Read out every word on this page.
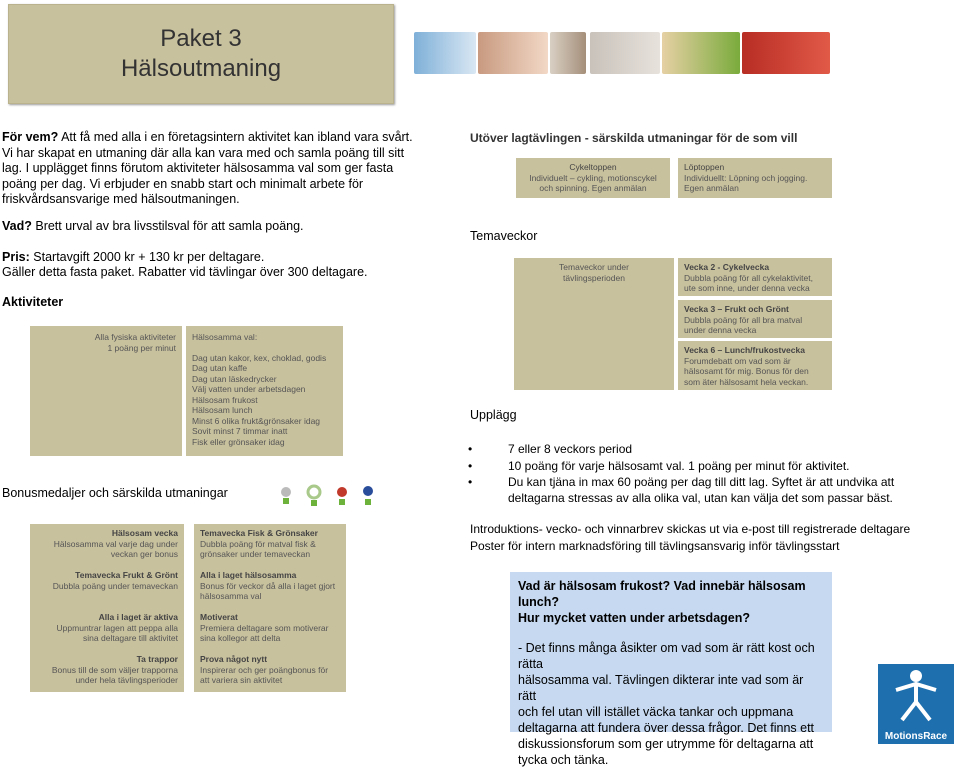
Paket 3
Hälsoutmaning
För vem? Att få med alla i en företagsintern aktivitet kan ibland vara svårt.
Vi har skapat en utmaning där alla kan vara med och samla poäng till sitt
lag. I upplägget finns förutom aktiviteter hälsosamma val som ger fasta
poäng per dag. Vi erbjuder en snabb start och minimalt arbete för
friskvårdsansvarige med hälsoutmaningen.
Vad? Brett urval av bra livsstilsval för att samla poäng.
Pris: Startavgift 2000 kr + 130 kr per deltagare.
Gäller detta fasta paket. Rabatter vid tävlingar över 300 deltagare.
Aktiviteter
Alla fysiska aktiviteter
1 poäng per minut
Hälsosamma val:
Dag utan kakor, kex, choklad, godis
Dag utan kaffe
Dag utan läskedrycker
Välj vatten under arbetsdagen
Hälsosam frukost
Hälsosam lunch
Minst 6 olika frukt&grönsaker idag
Sovit minst 7 timmar inatt
Fisk eller grönsaker idag
Bonusmedaljer och särskilda utmaningar
Hälsosam vecka
Hälsosamma val varje dag under
veckan ger bonus
Temavecka Frukt & Grönt
Dubbla poäng under temaveckan
Alla i laget är aktiva
Uppmuntrar lagen att peppa alla
sina deltagare till aktivitet
Ta trappor
Bonus till de som väljer trapporna
under hela tävlingsperioder
Temavecka Fisk & Grönsaker
Dubbla poäng för matval fisk &
grönsaker under temaveckan
Alla i laget hälsosamma
Bonus för veckor då alla i laget gjort
hälsosamma val
Motiverat
Premiera deltagare som motiverar
sina kollegor att delta
Prova något nytt
Inspirerar och ger poängbonus för
att variera sin aktivitet
Utöver lagtävlingen - särskilda utmaningar för de som vill
Cykeltoppen
Individuelt – cykling, motionscykel
och spinning. Egen anmälan
Löptoppen
Individuellt: Löpning och jogging.
Egen anmälan
Temaveckor
Temaveckor under
tävlingsperioden
Vecka 2 - Cykelvecka
Dubbla poäng för all cykelaktivitet,
ute som inne, under denna vecka
Vecka 3 – Frukt och Grönt
Dubbla poäng för all bra matval
under denna vecka
Vecka 6 – Lunch/frukostvecka
Forumdebatt om vad som är
hälsosamt för mig. Bonus för den
som äter hälsosamt hela veckan.
Upplägg
•	7 eller 8 veckors period
•	10 poäng för varje hälsosamt val. 1 poäng per minut för aktivitet.
•	Du kan tjäna in max 60 poäng per dag till ditt lag. Syftet är att undvika att
deltagarna stressas av alla olika val, utan kan välja det som passar bäst.
Introduktions- vecko- och vinnarbrev skickas ut via e-post till registrerade deltagare
Poster för intern marknadsföring till tävlingsansvarig inför tävlingsstart
Vad är hälsosam frukost? Vad innebär hälsosam lunch?
Hur mycket vatten under arbetsdagen?
- Det finns många åsikter om vad som är rätt kost och rätta
hälsosamma val. Tävlingen dikterar inte vad som är rätt
och fel utan vill istället väcka tankar och uppmana
deltagarna att fundera över dessa frågor. Det finns ett
diskussionsforum som ger utrymme för deltagarna att
tycka och tänka.
MotionsRace
